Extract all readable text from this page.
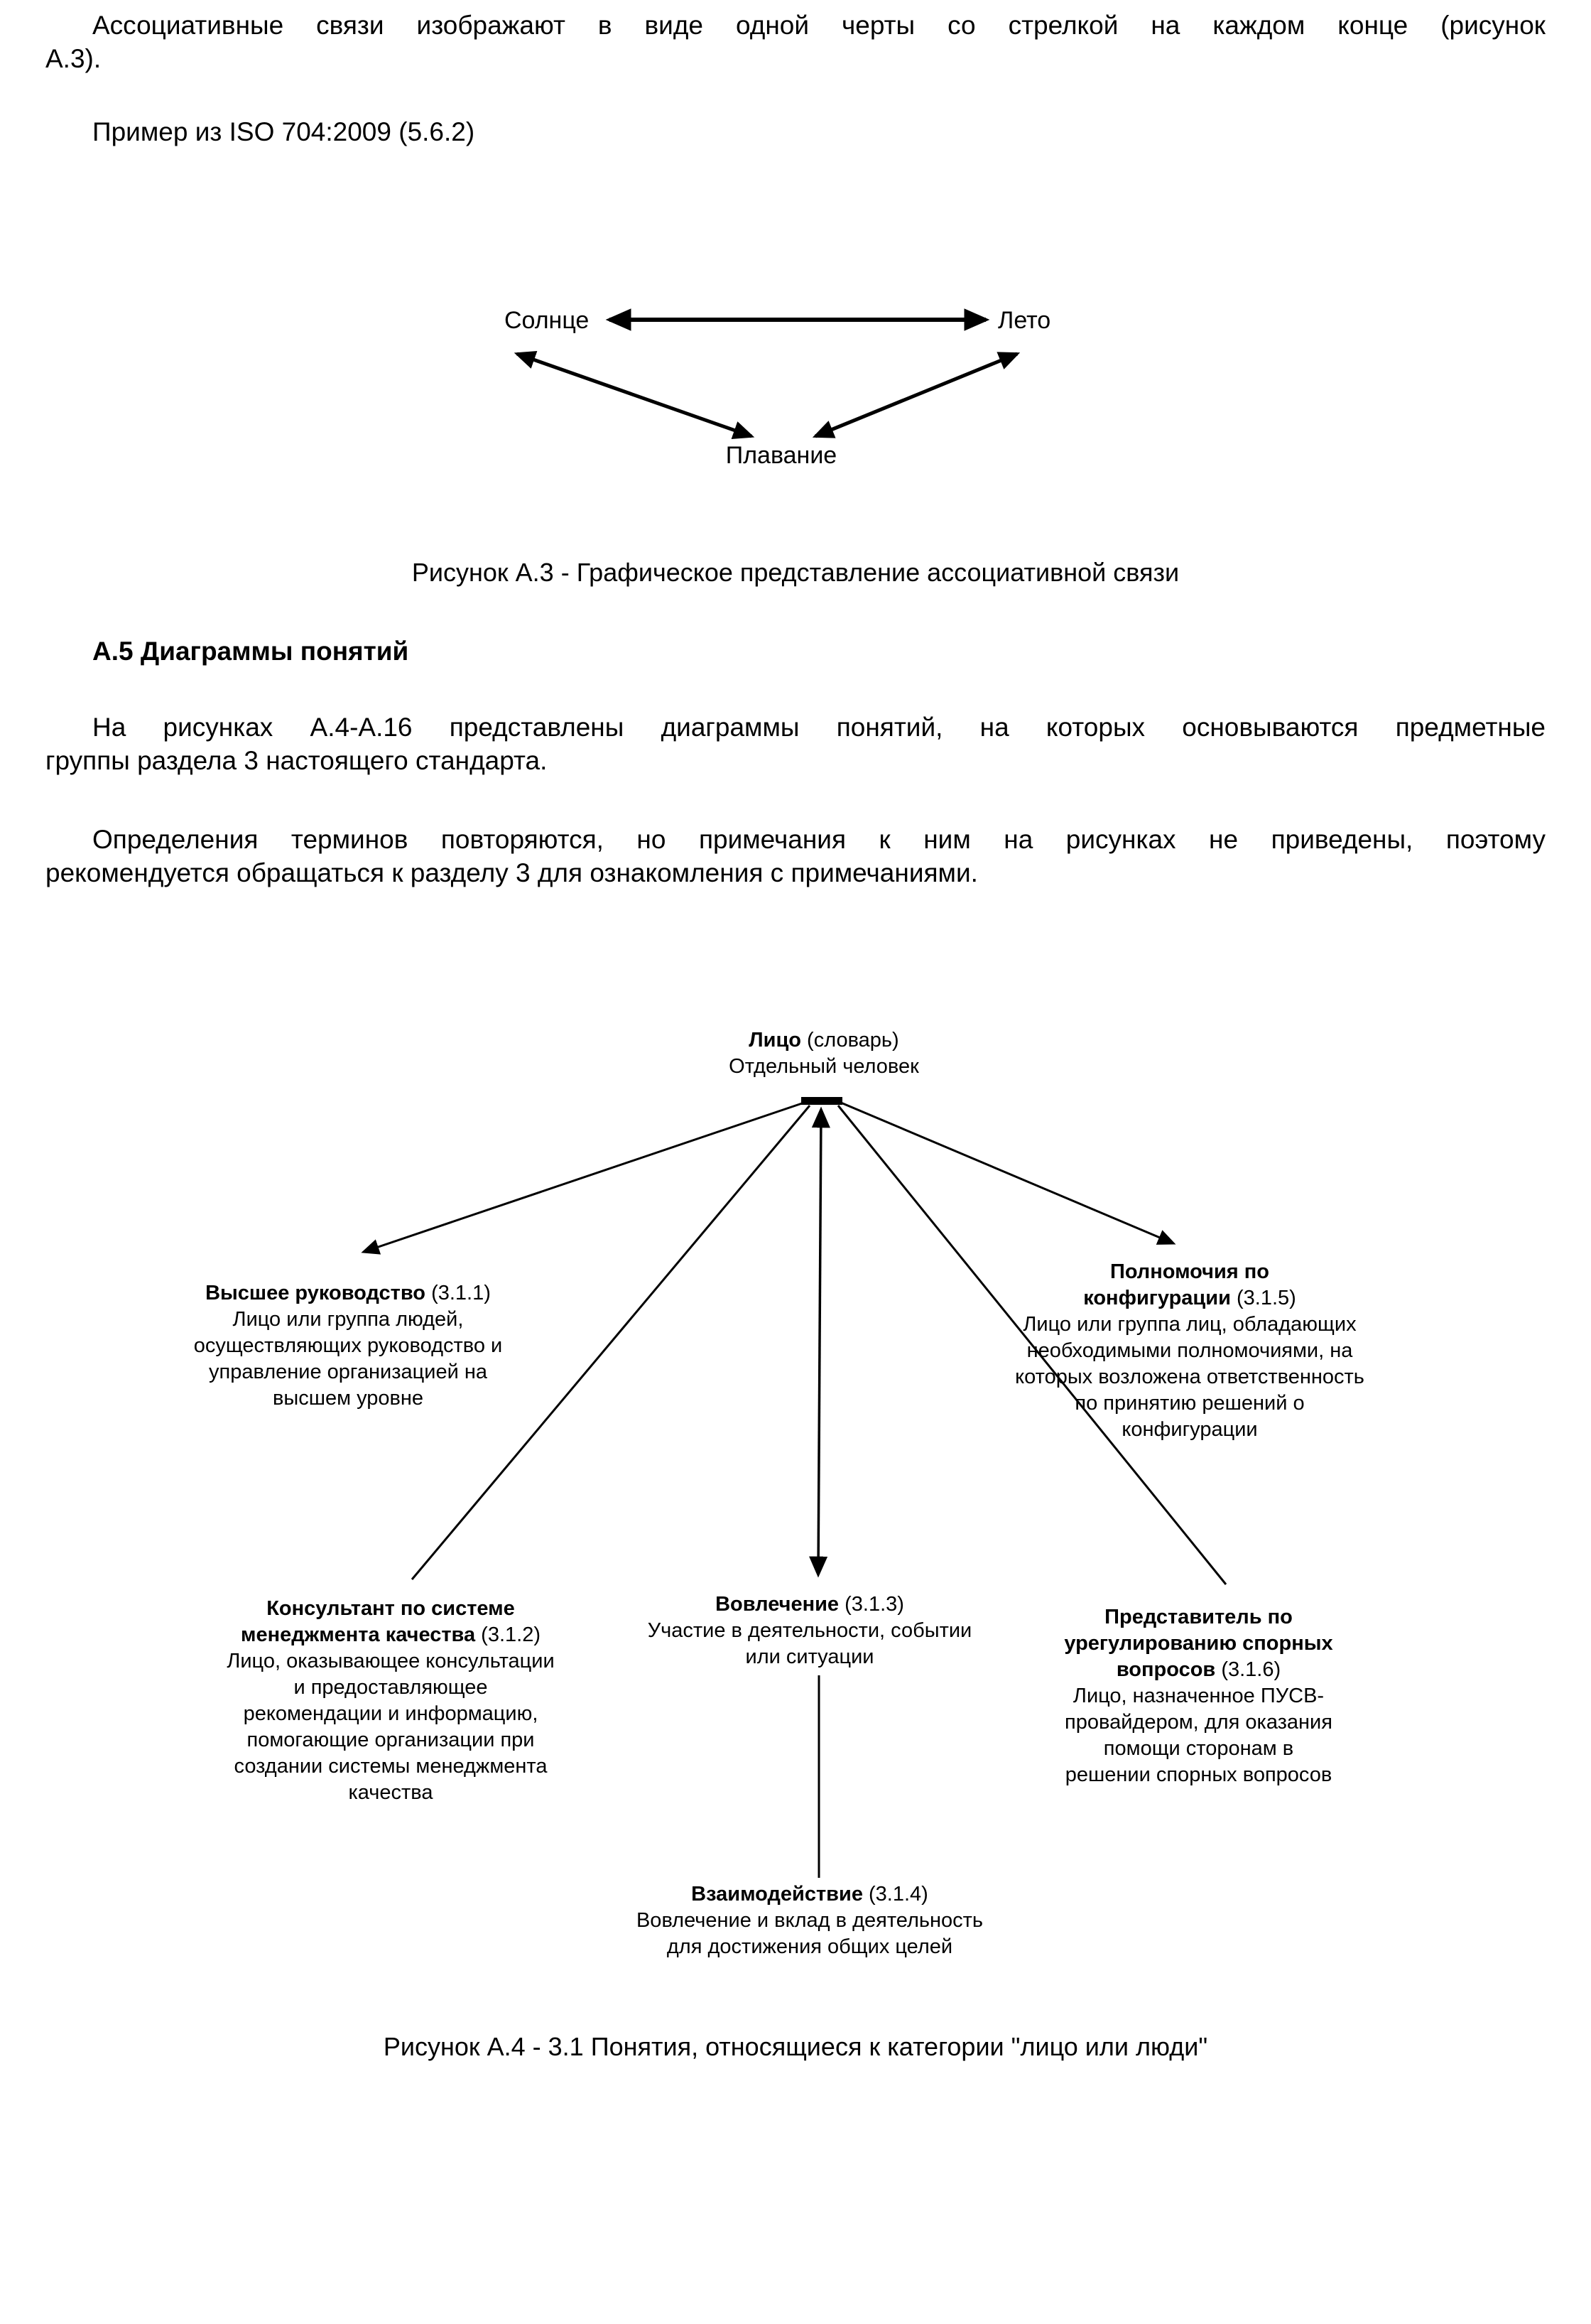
Ассоциативные связи изображают в виде одной черты со стрелкой на каждом конце (рисунок
А.3).
Пример из ISO 704:2009 (5.6.2)
Солнце	Лето
Плавание
Рисунок А.3 - Графическое представление ассоциативной связи
А.5 Диаграммы понятий
На рисунках А.4-А.16 представлены диаграммы понятий, на которых основываются предметные
группы раздела 3 настоящего стандарта.
Определения терминов повторяются, но примечания к ним на рисунках не приведены, поэтому
рекомендуется обращаться к разделу 3 для ознакомления с примечаниями.
Лицо (словарь)
Отдельный человек
Высшее руководство (3.1.1)
Лицо или группа людей, осуществляющих руководство и управление организацией на высшем уровне
Полномочия по конфигурации (3.1.5)
Лицо или группа лиц, обладающих необходимыми полномочиями, на которых возложена ответственность по принятию решений о конфигурации
Консультант по системе менеджмента качества (3.1.2)
Лицо, оказывающее консультации и предоставляющее рекомендации и информацию, помогающие организации при создании системы менеджмента качества
Вовлечение (3.1.3)
Участие в деятельности, событии или ситуации
Представитель по урегулированию спорных вопросов (3.1.6)
Лицо, назначенное ПУСВ-провайдером, для оказания помощи сторонам в решении спорных вопросов
Взаимодействие (3.1.4)
Вовлечение и вклад в деятельность для достижения общих целей
Рисунок А.4 - 3.1 Понятия, относящиеся к категории "лицо или люди"
